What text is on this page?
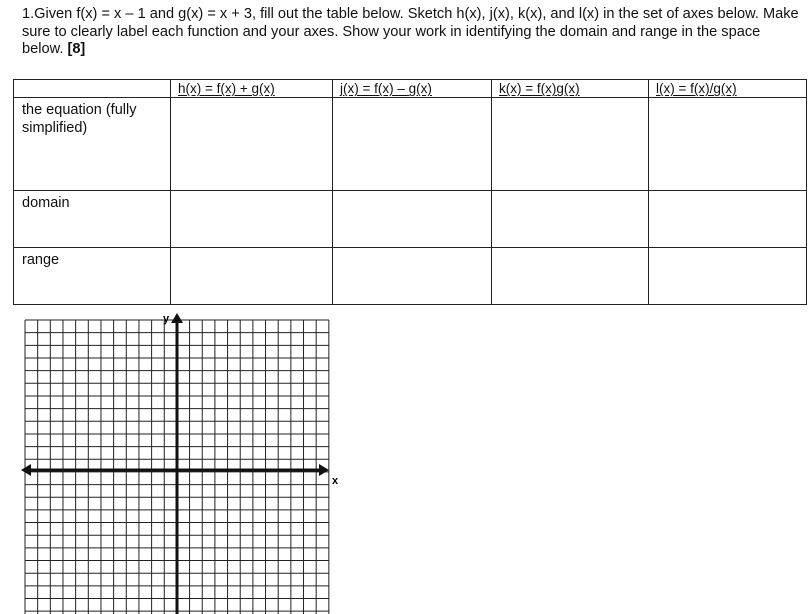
1.Given f(x) = x – 1 and g(x) = x + 3, fill out the table below. Sketch h(x), j(x), k(x), and l(x) in the set of axes below. Make sure to clearly label each function and your axes. Show your work in identifying the domain and range in the space below. [8]

	h(x) = f(x) + g(x)	j(x) = f(x) – g(x)	k(x) = f(x)g(x)	l(x) = f(x)/g(x)
the equation (fully simplified)				
domain				
range				
x
y
